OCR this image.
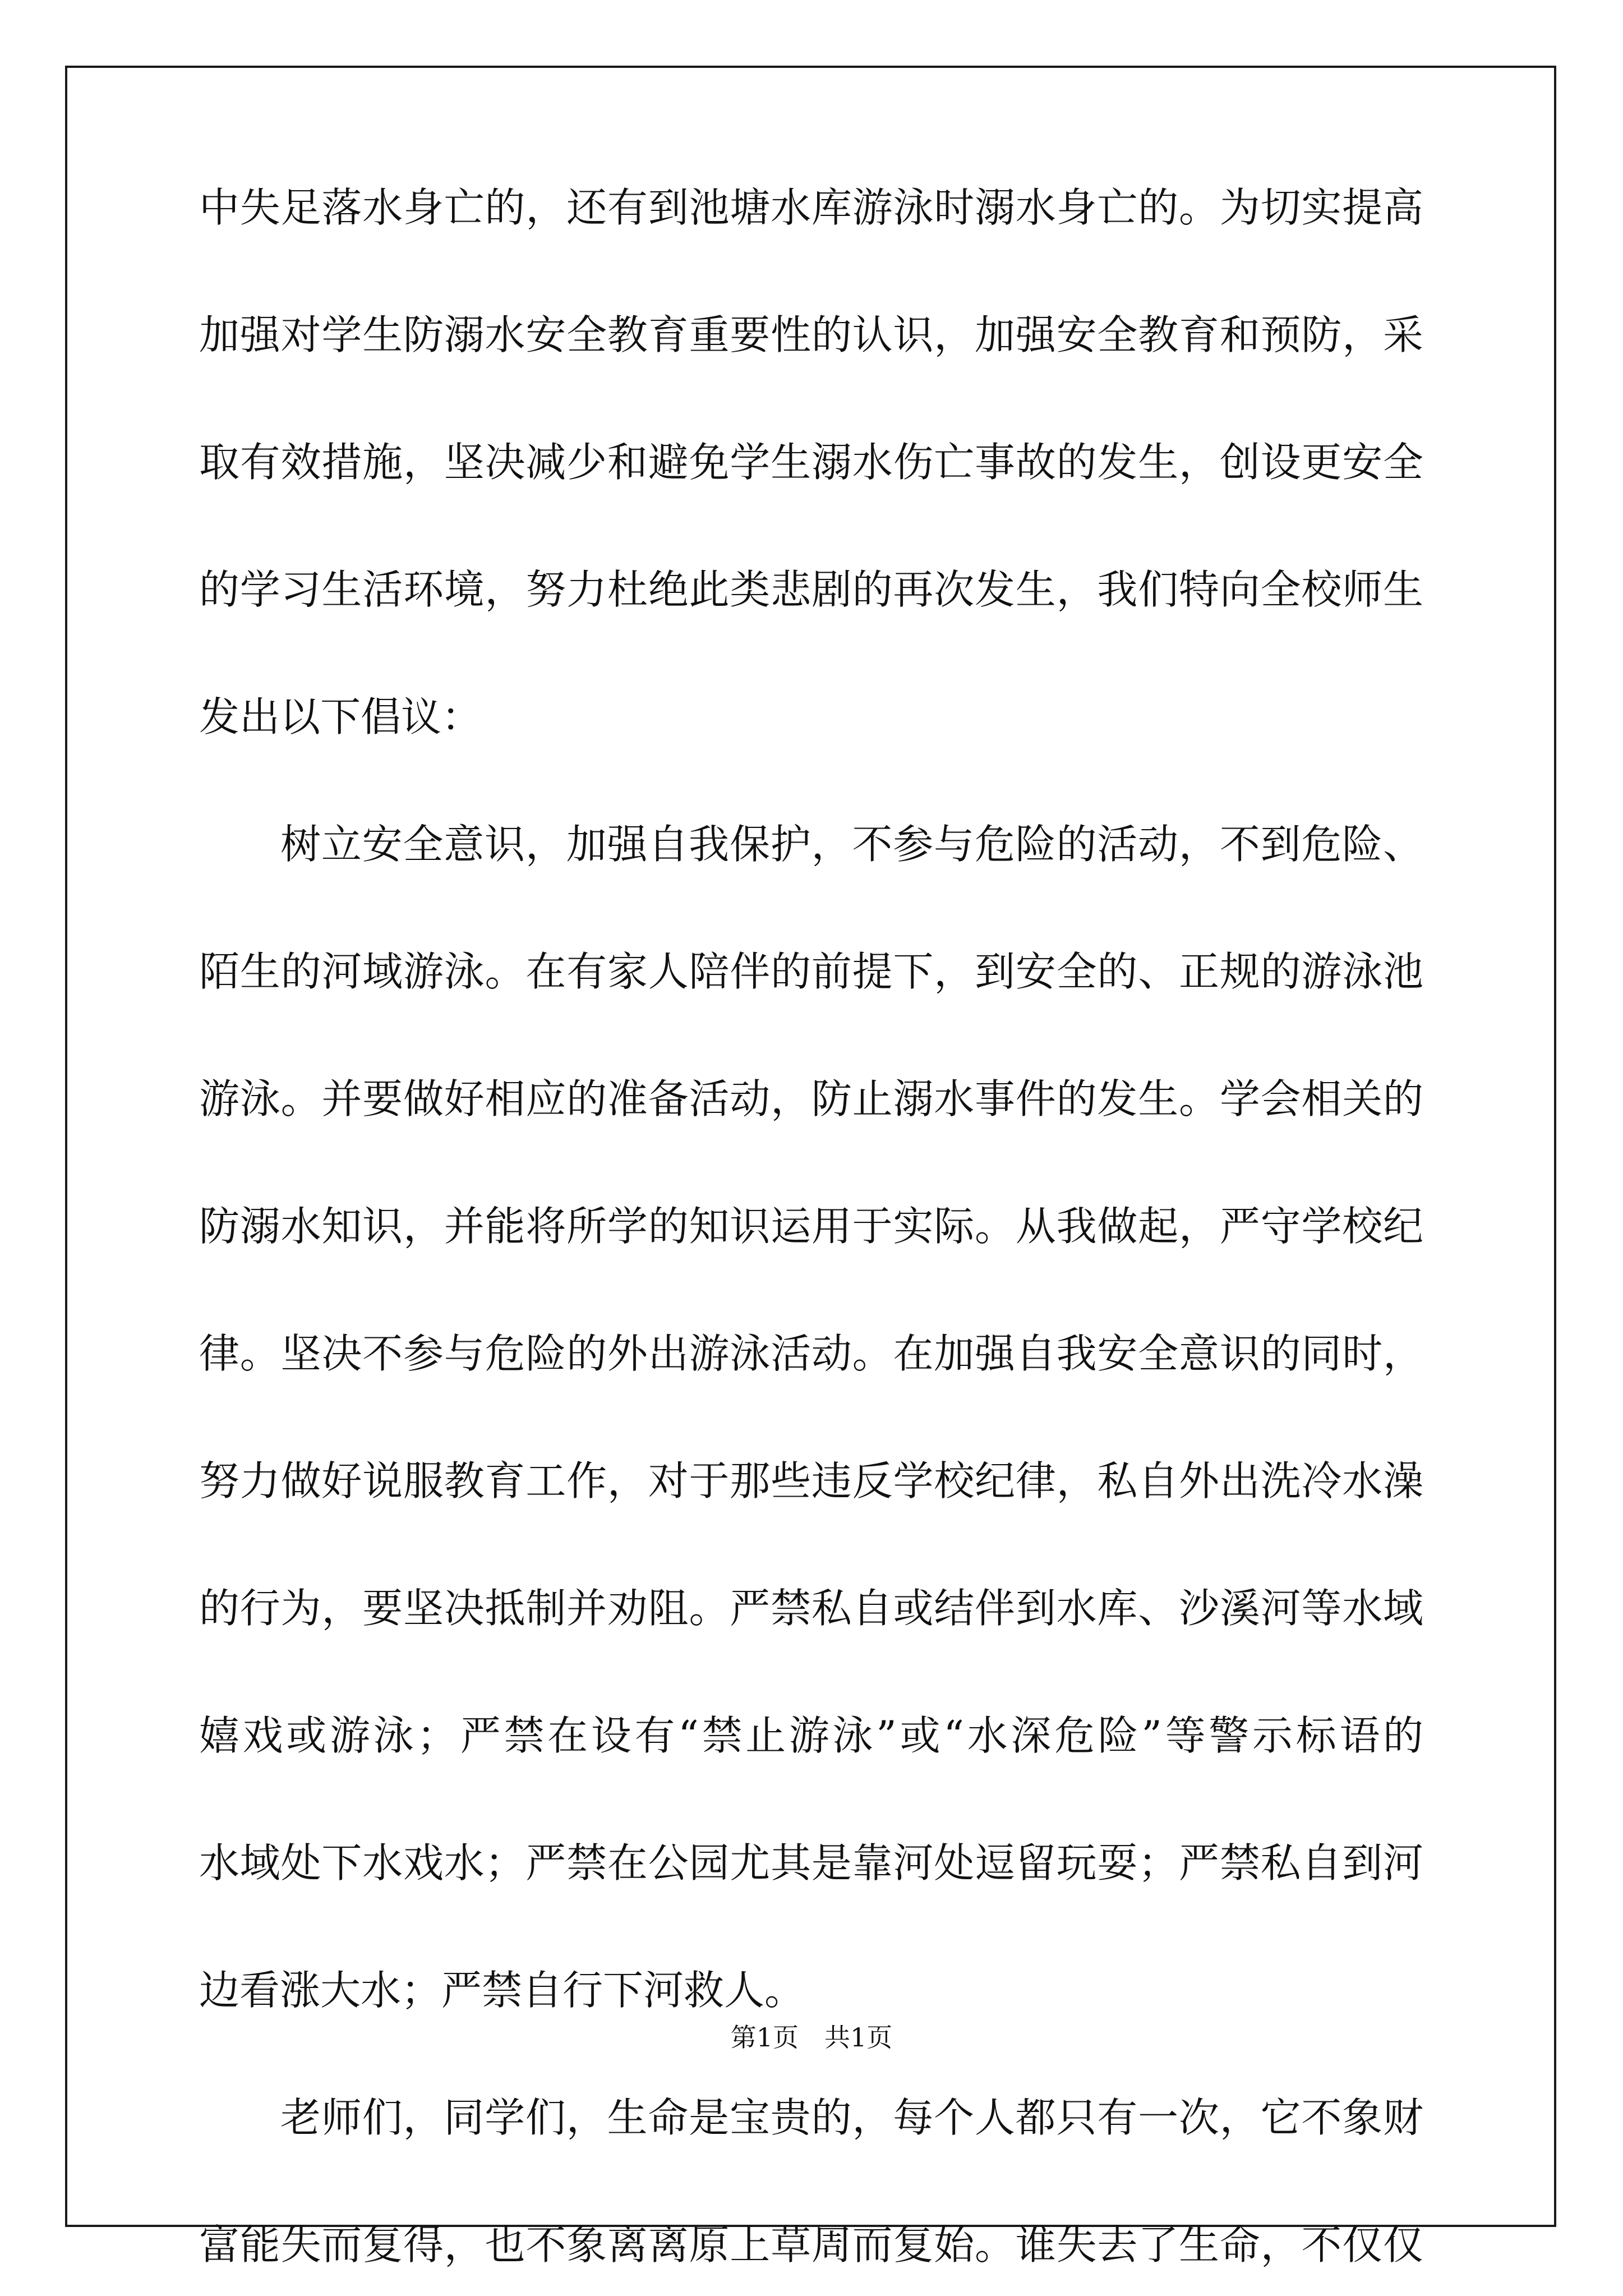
中失足落水身亡的，还有到池塘水库游泳时溺水身亡的。为切实提高
加强对学生防溺水安全教育重要性的认识，加强安全教育和预防，采
取有效措施，坚决减少和避免学生溺水伤亡事故的发生，创设更安全
的学习生活环境，努力杜绝此类悲剧的再次发生，我们特向全校师生
发出以下倡议：
树立安全意识，加强自我保护，不参与危险的活动，不到危险、
陌生的河域游泳。在有家人陪伴的前提下，到安全的、正规的游泳池
游泳。并要做好相应的准备活动，防止溺水事件的发生。学会相关的
防溺水知识，并能将所学的知识运用于实际。从我做起，严守学校纪
律。坚决不参与危险的外出游泳活动。在加强自我安全意识的同时，
努力做好说服教育工作，对于那些违反学校纪律，私自外出洗冷水澡
的行为，要坚决抵制并劝阻。严禁私自或结伴到水库、沙溪河等水域
嬉戏或游泳；严禁在设有“禁止游泳”或“水深危险”等警示标语的
水域处下水戏水；严禁在公园尤其是靠河处逗留玩耍；严禁私自到河
边看涨大水；严禁自行下河救人。
老师们，同学们，生命是宝贵的，每个人都只有一次，它不象财
富能失而复得，也不象离离原上草周而复始。谁失去了生命，不仅仅
第1页　共1页
